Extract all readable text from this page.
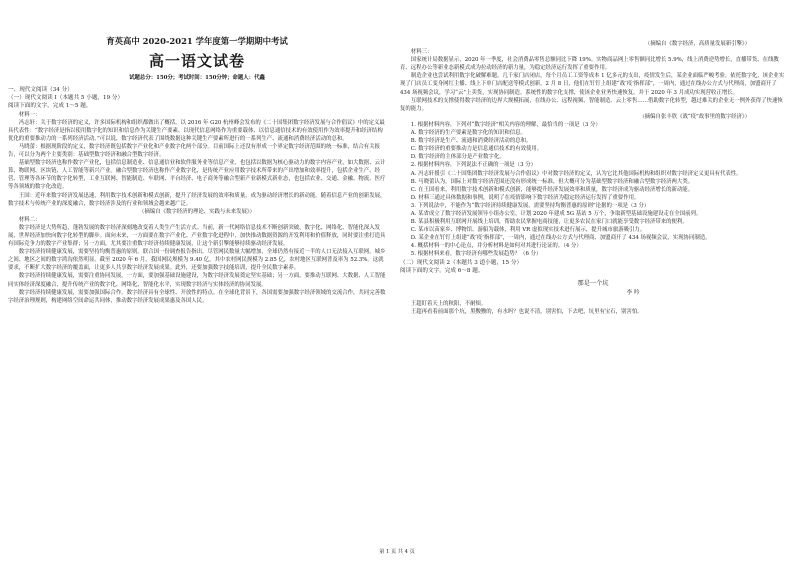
育英高中 2020-2021 学年度第一学期期中考试

高一语文试卷

试题总分：150分；考试时间：150分钟；命题人：代鑫

一、现代文阅读（34 分）

（一）现代文阅读 I（本题共 5 小题，19 分）

阅读下面的文字，完成 1～5 题。

材料一：

冯志轩：关于数字经济的定义，许多国际机构和组织都做出了概括，以 2016 年 G20 杭州峰会发布的《二十国集团数字经济发展与合作倡议》中的定义最具代表性：“数字经济是指以使用数字化的知识和信息作为关键生产要素、以现代信息网络作为重要载体、以信息通信技术的有效使用作为效率提升和经济结构优化的重要推动力的一系列经济活动。”可以说，数字经济代表了围绕数据这种关键生产要素所进行的一系列生产、流通和消费经济活动的总和。

马晓蕾：根据现阶段的定义，数字经济既包括数字产业化和产业数字化两个部分。目前国际上还没有形成一个界定数字经济范围的统一标准，结合有关报告，可以分为两个主要类别：基础型数字经济和融合型数字经济。

基础型数字经济也称作数字产业化，包括信息制造业、信息通信业和软件服务业等信息产业，也包括以数据为核心驱动力的数字内容产业，如大数据、云计算、物联网、区块链、人工智能等新兴产业。融合型数字经济也称作产业数字化，是传统产业应用数字技术所带来的产出增加和效率提升，包括企业生产、经营、管理等各环节的数字化转型，工业互联网、智能制造、车联网、平台经济、电子商务等融合型新产业新模式新业态，也包括农业、交通、金融、物流、医疗等各领域的数字化改造。

王国：近年来数字经济发展迅速，利用数字技术创新和模式创新，提升了经济发展的效率和质量，成为驱动经济增长的新动能。随着信息产业的创新发展，数字技术与传统产业的深度融合，数字经济涉及的行业和领域会越来越广泛。

（摘编自《数字经济的理论、实践与未来发展》）

材料二：

数字经济是大势所趋，蓬勃发展的数字经济深刻地改变着人类生产生活方式。当前，新一代网络信息技术不断创新突破，数字化、网络化、智能化深入发展，世界经济加快向数字化转型的脚步。面向未来，一方面要在数字产业化、产业数字化进程中，加快推动数据资源的开发利用和价值释放，同时要注重打造具有国际竞争力的数字产业集群；另一方面，尤其要注重数字经济持续健康发展，让这个新引擎能够持续驱动经济发展。

数字经济持续健康发展，需要坚持均衡普惠的原则。联合国一份调查报告指出，尽管网民数量大幅增加，全球仍然有接近一半的人口无法接入互联网。城乡之间、地区之间的数字鸿沟依然明显。截至 2020 年 6 月，我国网民规模为 9.40 亿，其中农村网民规模为 2.85 亿，农村地区互联网普及率为 52.3%。这就要求，不断扩大数字经济的覆盖面，让更多人共享数字经济发展成果。此外，还要加强数字技能培训，提升全民数字素养。

数字经济持续健康发展，需要注重协同发展。一方面，要加强基础设施建设，为数字经济发展奠定坚实基础；另一方面，要推动互联网、大数据、人工智能同实体经济深度融合，提升传统产业的数字化、网络化、智能化水平，实现数字经济与实体经济的协同发展。

数字经济持续健康发展，需要加强国际合作。数字经济具有全球性、开放性的特点。在全球化背景下，各国需要加强数字经济领域的交流合作，共同完善数字经济治理规则，构建网络空间命运共同体，推动数字经济发展成果惠及各国人民。

（摘编自《数字经济，高质量发展新引擎》）

材料三：

国家统计局数据显示，2020 年一季度，社会消费品零售总额同比下降 19%。实物商品网上零售额同比增长 5.9%，线上消费逆势增长，直播带货、在线教育、远程办公等新业态新模式成为拉动经济的新力量，为稳定经济运行发挥了重要作用。

制造企业也尝试利用数字化破解难题。几千家门店闭店，每个月员工工资等成本 1 亿多元的支出，疫情发生后，某企业面临严峻考验。依托数字化，该企业实现了门店员工变身网红主播、线上下单门店配送等模式创新，2 月 8 日，他们在钉钉上组建“战‘疫’指挥部”，一周内，通过在线办公方式与代理商，加盟商开了 434 场视频会议，学习“云”上卖货，实现协同制造。系统性的数字化支撑，使该企业业务快速恢复，并于 2020 年 3 月成功实现营收正增长。

互联网技术的支撑使得数字经济的边界大规模拓展，在线办公、远程视频、智能制造、云上零售……借助数字化转型，越过难关的企业无一例外获得了快速恢复的能力。

（摘编自张丰欣《战“疫”故事里的数字经济》）

1. 根据材料内容，下列对“数字经济”相关内容的理解，最恰当的一项是（3 分）

A. 数字经济的生产要素是数字化的知识和信息。

B. 数字经济是生产、流通和消费经济活动的总和。

C. 数字经济的重要推动力是信息通信技术的有效使用。

D. 数字经济的主体部分是产业数字化。

2. 根据材料内容，下列说法不正确的一项是（3 分）

A. 冯志轩援引《二十国集团数字经济发展与合作倡议》中对数字经济的定义，认为它比其他国际机构和组织对数字经济定义更具有代表性。

B. 马晓蕾认为，国际上对数字经济范围还没有形成统一标准，但大概可分为基础型数字经济和融合型数字经济两大类。

C. 在王国看来，利用数字技术创新和模式创新，能够提升经济发展效率和质量，数字经济成为驱动经济增长的新动能。

D. 材料三通过具体数据和事例，说明了在疫情影响下数字经济为稳定经济运行发挥了重要作用。

3. 下列说法中，不能作为“数字经济持续健康发展，需要坚持均衡普惠的原则”论据的一项是（3 分）

A. 某省成立了数字经济发展领导小组办公室，计划 2020 年建成 5G 基站 5 万个，争取新型基础设施建设走在全国前列。

B. 某县积极利用互联网开展线上培训，帮助农民掌握电商技能，让更多农民在家门口就能享受数字经济带来的便利。

C. 某市以苗家乡、博物馆、游船为载体，利用 VR 虚拟现实技术进行展示，提升城市旅游吸引力。

D. 某企业在钉钉上组建“战‘疫’指挥部”，一周内，通过在线办公方式与代理商、加盟商开了 434 场视频会议，实现协同制造。

4. 概括材料一的中心论点，并分析材料是如何对其进行论证的。（4 分）

5. 根据材料来看，数字经济有哪些发展趋势？（6 分）

（二）现代文阅读 2（本题共 3 道小题，15 分）

阅读下面的文字，完成 6～8 题。

那是一个坑

李 吟

王超盯着天上的秋阳，不耐烦。

王超再看着前面那个坑，黑黢黢的，有水吗？也说不清，别害怕，下去吧，坑里有宝石，别害怕。

第 1 页 共 4 页
